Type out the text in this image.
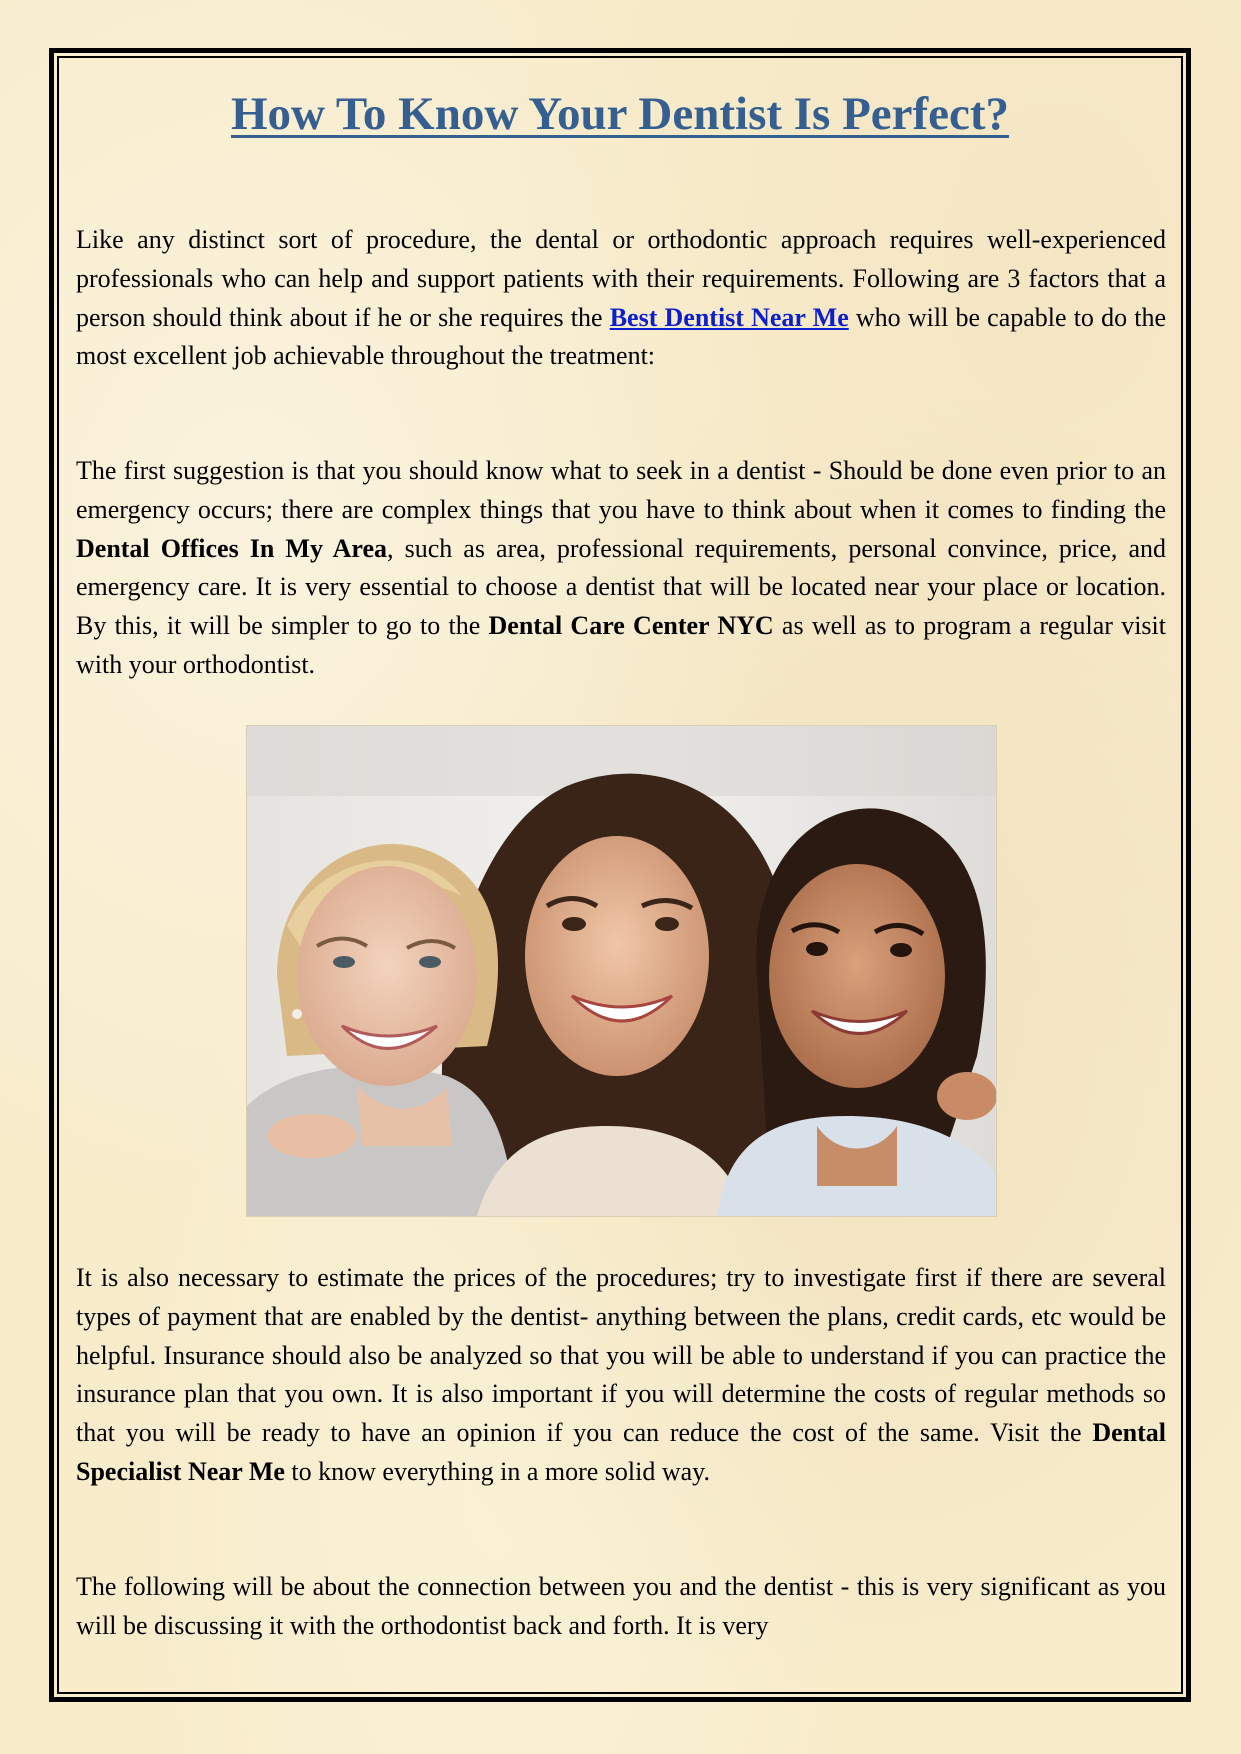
How To Know Your Dentist Is Perfect?

Like any distinct sort of procedure, the dental or orthodontic approach requires well-experienced professionals who can help and support patients with their requirements. Following are 3 factors that a person should think about if he or she requires the Best Dentist Near Me who will be capable to do the most excellent job achievable throughout the treatment:

The first suggestion is that you should know what to seek in a dentist - Should be done even prior to an emergency occurs; there are complex things that you have to think about when it comes to finding the Dental Offices In My Area, such as area, professional requirements, personal convince, price, and emergency care. It is very essential to choose a dentist that will be located near your place or location. By this, it will be simpler to go to the Dental Care Center NYC as well as to program a regular visit with your orthodontist.

It is also necessary to estimate the prices of the procedures; try to investigate first if there are several types of payment that are enabled by the dentist- anything between the plans, credit cards, etc would be helpful. Insurance should also be analyzed so that you will be able to understand if you can practice the insurance plan that you own. It is also important if you will determine the costs of regular methods so that you will be ready to have an opinion if you can reduce the cost of the same. Visit the Dental Specialist Near Me to know everything in a more solid way.

The following will be about the connection between you and the dentist - this is very significant as you will be discussing it with the orthodontist back and forth. It is very
